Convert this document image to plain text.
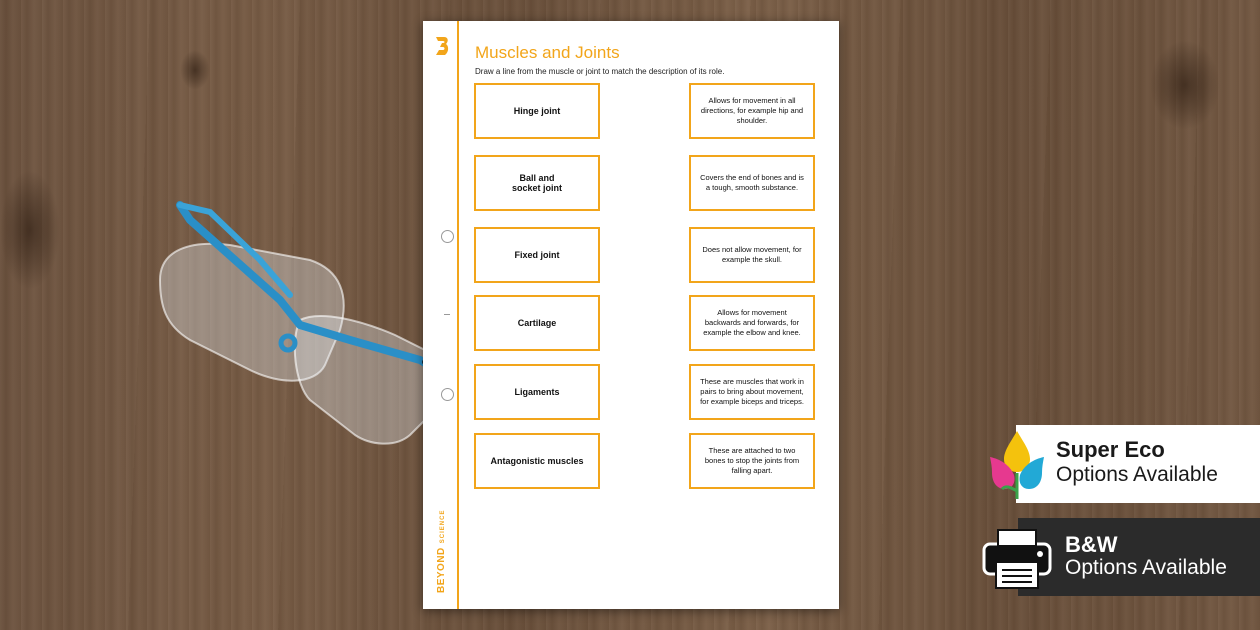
Muscles and Joints
Draw a line from the muscle or joint to match the description of its role.
Hinge joint
Ball and
socket joint
Fixed joint
Cartilage
Ligaments
Antagonistic muscles
Allows for movement in all directions, for example hip and shoulder.
Covers the end of bones and is a tough, smooth substance.
Does not allow movement, for example the skull.
Allows for movement backwards and forwards, for example the elbow and knee.
These are muscles that work in pairs to bring about movement, for example biceps and triceps.
These are attached to two bones to stop the joints from falling apart.
BEYONDSCIENCE
Super Eco
Options Available
B&W
Options Available
